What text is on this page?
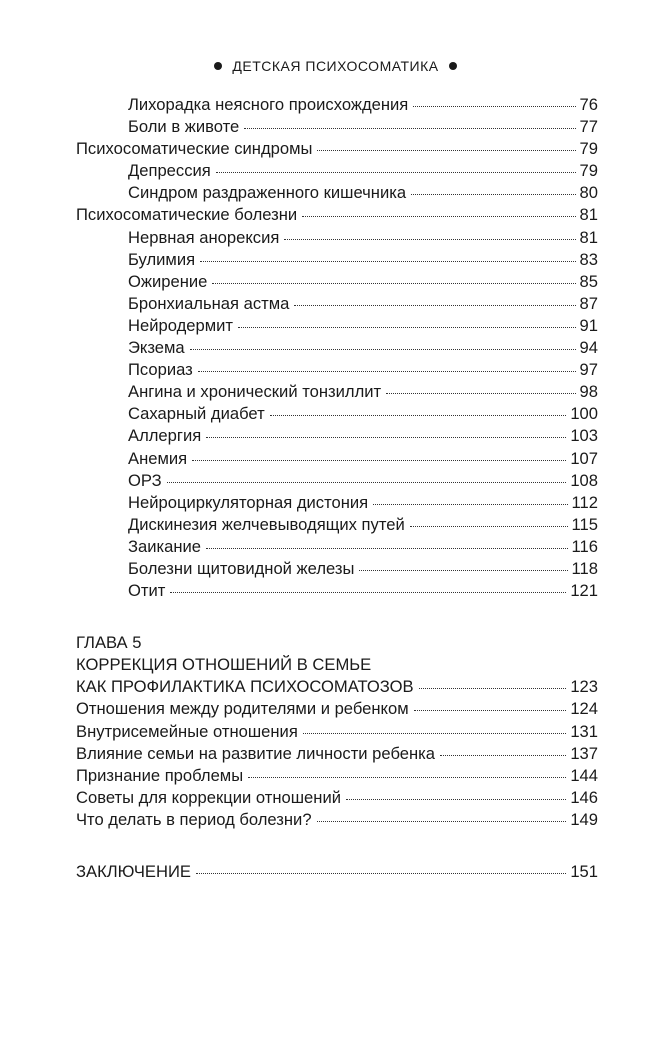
ДЕТСКАЯ ПСИХОСОМАТИКА
Лихорадка неясного происхождения	76
Боли в животе	77
Психосоматические синдромы	79
Депрессия	79
Синдром раздраженного кишечника	80
Психосоматические болезни	81
Нервная анорексия	81
Булимия	83
Ожирение	85
Бронхиальная астма	87
Нейродермит	91
Экзема	94
Псориаз	97
Ангина и хронический тонзиллит	98
Сахарный диабет	100
Аллергия	103
Анемия	107
ОРЗ	108
Нейроциркуляторная дистония	112
Дискинезия желчевыводящих путей	115
Заикание	116
Болезни щитовидной железы	118
Отит	121
ГЛАВА 5
КОРРЕКЦИЯ ОТНОШЕНИЙ В СЕМЬЕ
КАК ПРОФИЛАКТИКА ПСИХОСОМАТОЗОВ	123
Отношения между родителями и ребенком	124
Внутрисемейные отношения	131
Влияние семьи на развитие личности ребенка	137
Признание проблемы	144
Советы для коррекции отношений	146
Что делать в период болезни?	149
ЗАКЛЮЧЕНИЕ	151
